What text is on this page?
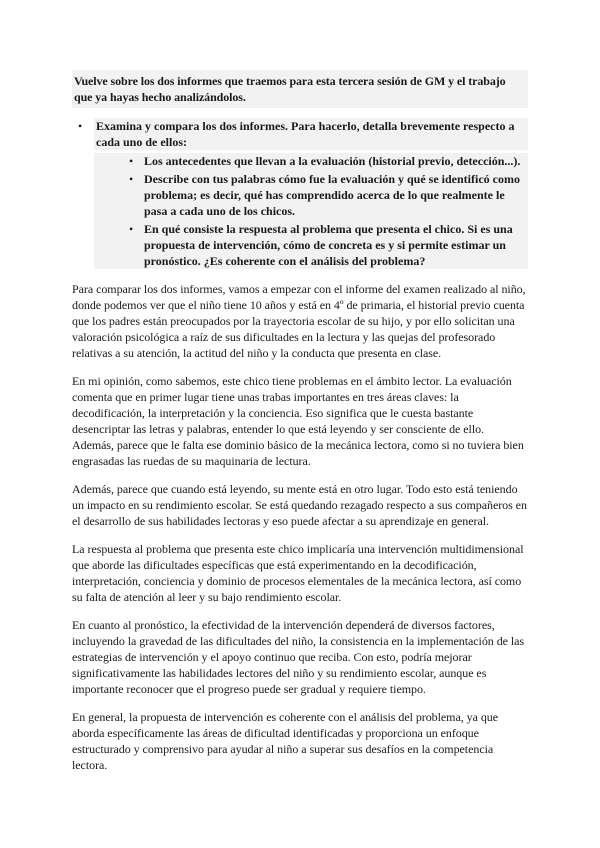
Vuelve sobre los dos informes que traemos para esta tercera sesión de GM y el trabajo que ya hayas hecho analizándolos.
• Examina y compara los dos informes. Para hacerlo, detalla brevemente respecto a cada uno de ellos:
• Los antecedentes que llevan a la evaluación (historial previo, detección...).
• Describe con tus palabras cómo fue la evaluación y qué se identificó como problema; es decir, qué has comprendido acerca de lo que realmente le pasa a cada uno de los chicos.
• En qué consiste la respuesta al problema que presenta el chico. Si es una propuesta de intervención, cómo de concreta es y si permite estimar un pronóstico. ¿Es coherente con el análisis del problema?

Para comparar los dos informes, vamos a empezar con el informe del examen realizado al niño, donde podemos ver que el niño tiene 10 años y está en 4º de primaria, el historial previo cuenta que los padres están preocupados por la trayectoria escolar de su hijo, y por ello solicitan una valoración psicológica a raíz de sus dificultades en la lectura y las quejas del profesorado relativas a su atención, la actitud del niño y la conducta que presenta en clase.

En mi opinión, como sabemos, este chico tiene problemas en el ámbito lector. La evaluación comenta que en primer lugar tiene unas trabas importantes en tres áreas claves: la decodificación, la interpretación y la conciencia. Eso significa que le cuesta bastante desencriptar las letras y palabras, entender lo que está leyendo y ser consciente de ello. Además, parece que le falta ese dominio básico de la mecánica lectora, como si no tuviera bien engrasadas las ruedas de su maquinaria de lectura.

Además, parece que cuando está leyendo, su mente está en otro lugar. Todo esto está teniendo un impacto en su rendimiento escolar. Se está quedando rezagado respecto a sus compañeros en el desarrollo de sus habilidades lectoras y eso puede afectar a su aprendizaje en general.

La respuesta al problema que presenta este chico implicaría una intervención multidimensional que aborde las dificultades específicas que está experimentando en la decodificación, interpretación, conciencia y dominio de procesos elementales de la mecánica lectora, así como su falta de atención al leer y su bajo rendimiento escolar.

En cuanto al pronóstico, la efectividad de la intervención dependerá de diversos factores, incluyendo la gravedad de las dificultades del niño, la consistencia en la implementación de las estrategias de intervención y el apoyo continuo que reciba. Con esto, podría mejorar significativamente las habilidades lectores del niño y su rendimiento escolar, aunque es importante reconocer que el progreso puede ser gradual y requiere tiempo.

En general, la propuesta de intervención es coherente con el análisis del problema, ya que aborda específicamente las áreas de dificultad identificadas y proporciona un enfoque estructurado y comprensivo para ayudar al niño a superar sus desafíos en la competencia lectora.
